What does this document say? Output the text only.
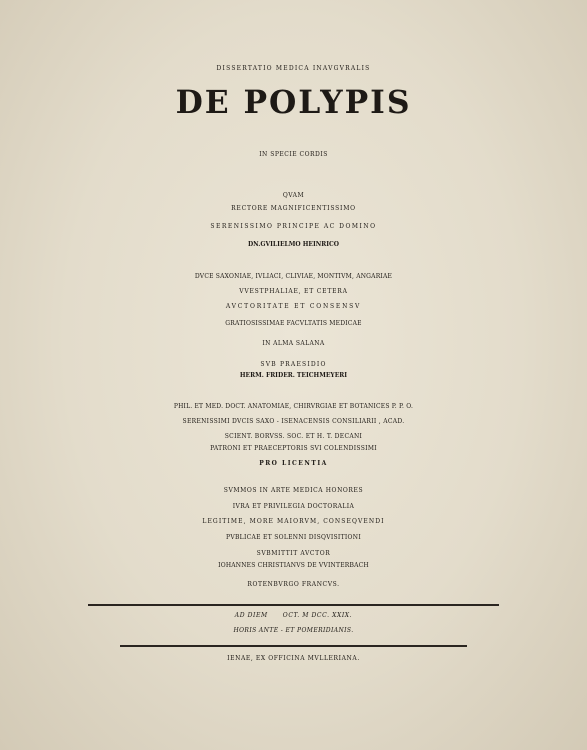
DISSERTATIO MEDICA INAVGVRALIS
DE POLYPIS
IN SPECIE CORDIS
QVAM
RECTORE MAGNIFICENTISSIMO
SERENISSIMO PRINCIPE AC DOMINO
DN.GVILIELMO HEINRICO
DVCE SAXONIAE, IVLIACI, CLIVIAE, MONTIVM, ANGARIAE
VVESTPHALIAE, ET CETERA
AVCTORITATE ET CONSENSV
GRATIOSISSIMAE FACVLTATIS MEDICAE
IN ALMA SALANA
SVB PRAESIDIO
HERM. FRIDER. TEICHMEYERI
PHIL. ET MED. DOCT. ANATOMIAE, CHIRVRGIAE ET BOTANICES P. P. O.
SERENISSIMI DVCIS SAXO - ISENACENSIS CONSILIARII , ACAD.
SCIENT. BORVSS. SOC. ET H. T. DECANI
PATRONI ET PRAECEPTORIS SVI COLENDISSIMI
PRO LICENTIA
SVMMOS IN ARTE MEDICA HONORES
IVRA ET PRIVILEGIA DOCTORALIA
LEGITIME, MORE MAIORVM, CONSEQVENDI
PVBLICAE ET SOLENNI DISQVISITIONI
SVBMITTIT AVCTOR
IOHANNES CHRISTIANVS DE VVINTERBACH
ROTENBVRGO FRANCVS.
AD DIEM      OCT. M DCC. XXIX.
HORIS ANTE - ET POMERIDIANIS.
IENAE, EX OFFICINA MVLLERIANA.
